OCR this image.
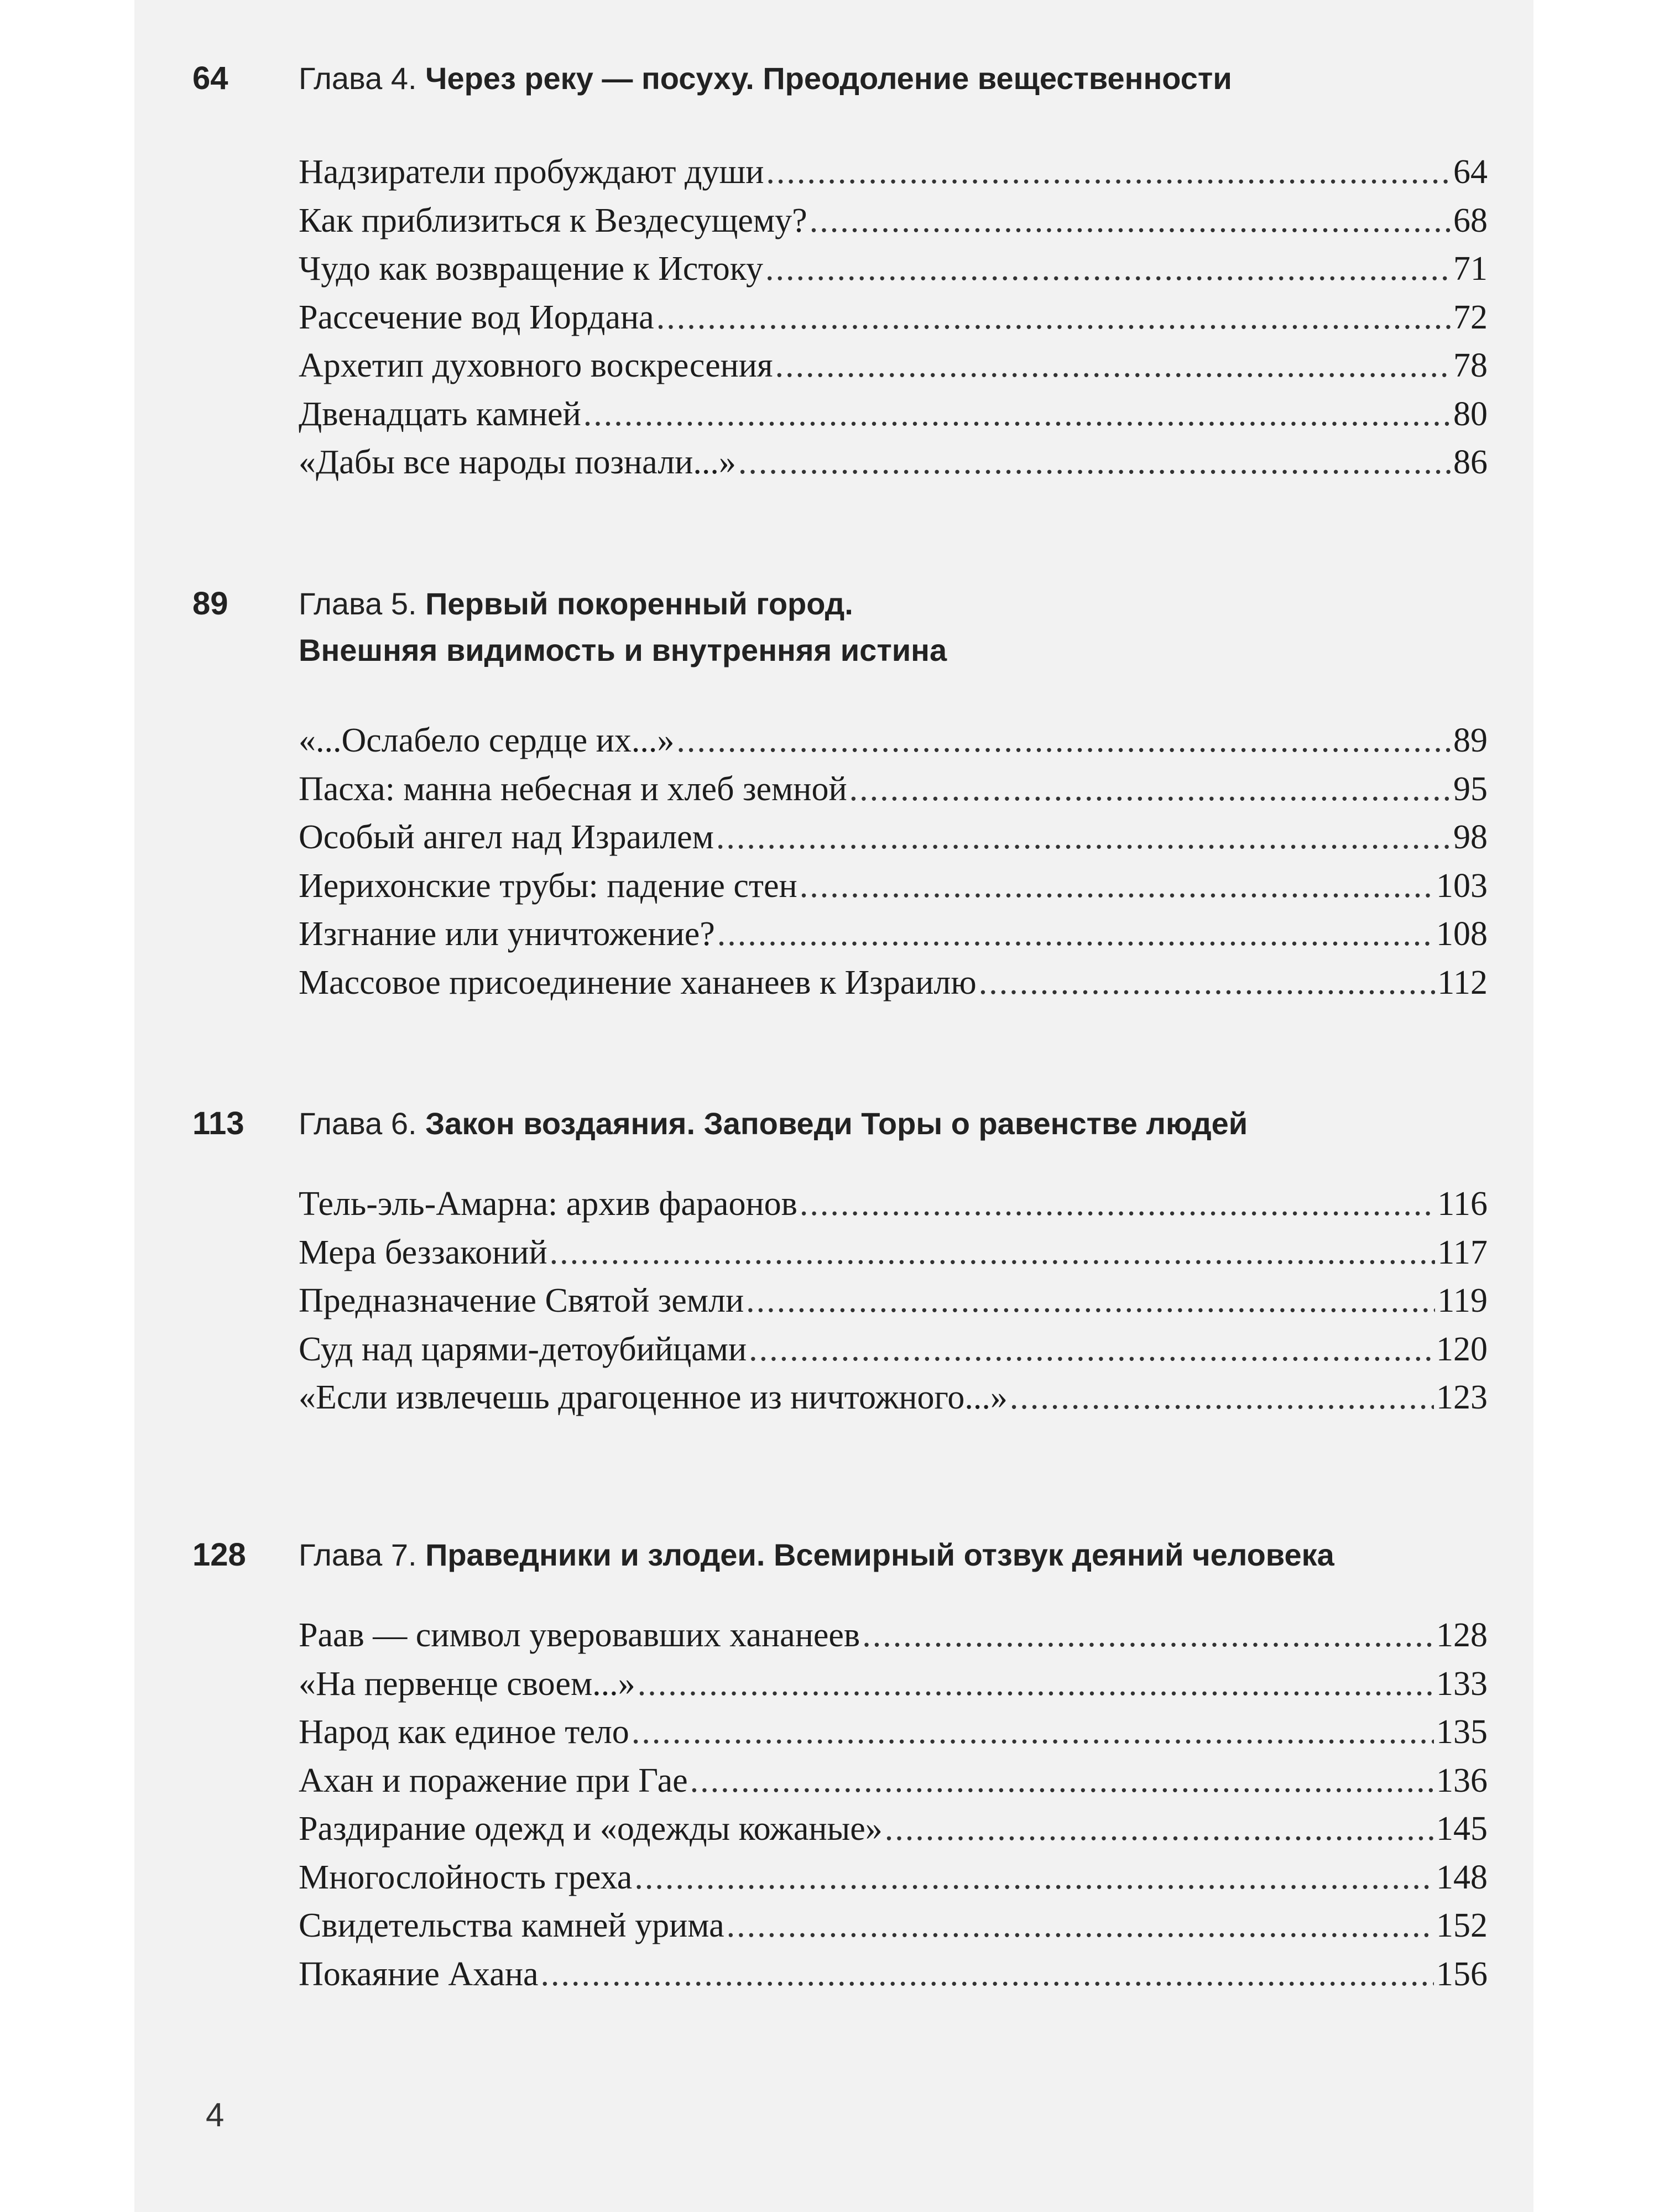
64	Глава 4. Через реку — посуху. Преодоление вещественности
Надзиратели пробуждают души .....	64
Как приблизиться к Вездесущему? .....	68
Чудо как возвращение к Истоку .....	71
Рассечение вод Иордана .....	72
Архетип духовного воскресения .....	78
Двенадцать камней .....	80
«Дабы все народы познали...» .....	86
89	Глава 5. Первый покоренный город.
Внешняя видимость и внутренняя истина
«...Ослабело сердце их...» .....	89
Пасха: манна небесная и хлеб земной .....	95
Особый ангел над Израилем .....	98
Иерихонские трубы: падение стен .....	103
Изгнание или уничтожение? .....	108
Массовое присоединение хананеев к Израилю .....	112
113	Глава 6. Закон воздаяния. Заповеди Торы о равенстве людей
Тель-эль-Амарна: архив фараонов .....	116
Мера беззаконий .....	117
Предназначение Святой земли .....	119
Суд над царями-детоубийцами .....	120
«Если извлечешь драгоценное из ничтожного...» .....	123
128	Глава 7. Праведники и злодеи. Всемирный отзвук деяний человека
Раав — символ уверовавших хананеев .....	128
«На первенце своем...» .....	133
Народ как единое тело .....	135
Ахан и поражение при Гае .....	136
Раздирание одежд и «одежды кожаные» .....	145
Многослойность греха .....	148
Свидетельства камней урима .....	152
Покаяние Ахана .....	156
4
